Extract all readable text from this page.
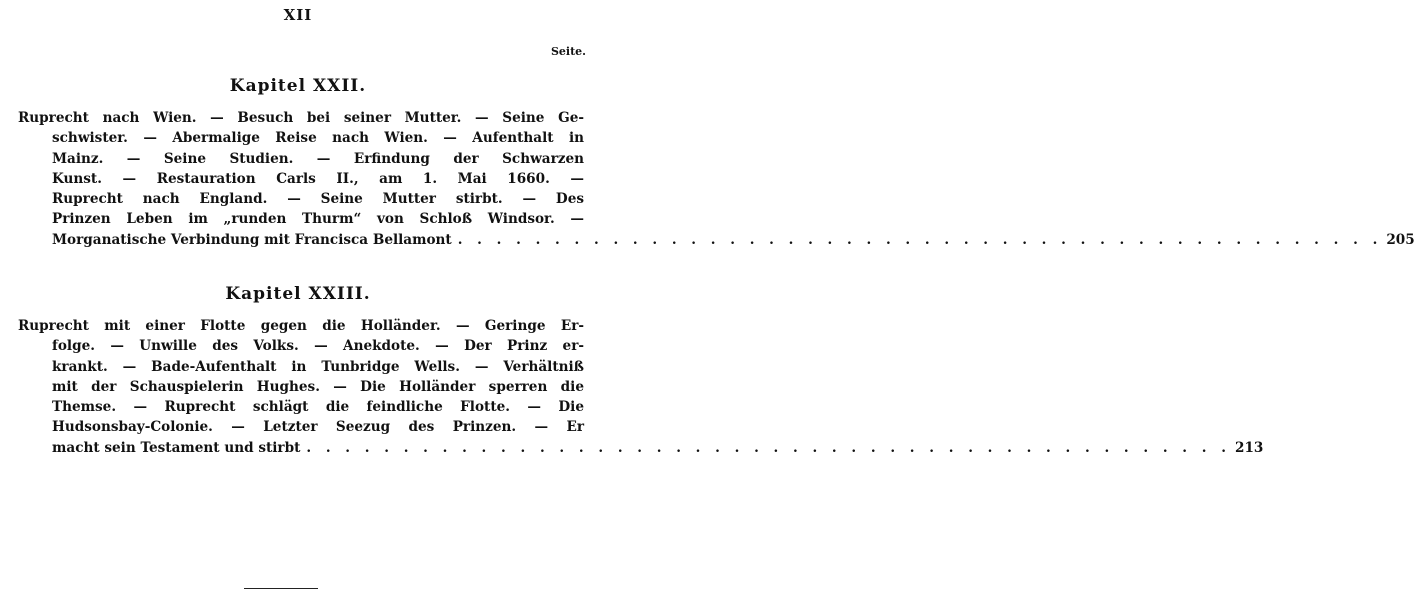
XII
Seite.
Kapitel XXII.
Ruprecht nach Wien. — Besuch bei seiner Mutter. — Seine Ge-
schwister. — Abermalige Reise nach Wien. — Aufenthalt in
Mainz. — Seine Studien. — Erfindung der Schwarzen
Kunst. — Restauration Carls II., am 1. Mai 1660. —
Ruprecht nach England. — Seine Mutter stirbt. — Des
Prinzen Leben im „runden Thurm“ von Schloß Windsor. —
Morganatische Verbindung mit Francisca Bellamont . . . . . . . . . . . . . . . . . . . . . . . . . . . . . . . . . . . . . . . . . . . . . . . . 205
Kapitel XXIII.
Ruprecht mit einer Flotte gegen die Holländer. — Geringe Er-
folge. — Unwille des Volks. — Anekdote. — Der Prinz er-
krankt. — Bade-Aufenthalt in Tunbridge Wells. — Verhältniß
mit der Schauspielerin Hughes. — Die Holländer sperren die
Themse. — Ruprecht schlägt die feindliche Flotte. — Die
Hudsonsbay-Colonie. — Letzter Seezug des Prinzen. — Er
macht sein Testament und stirbt . . . . . . . . . . . . . . . . . . . . . . . . . . . . . . . . . . . . . . . . . . . . . . . . 213
